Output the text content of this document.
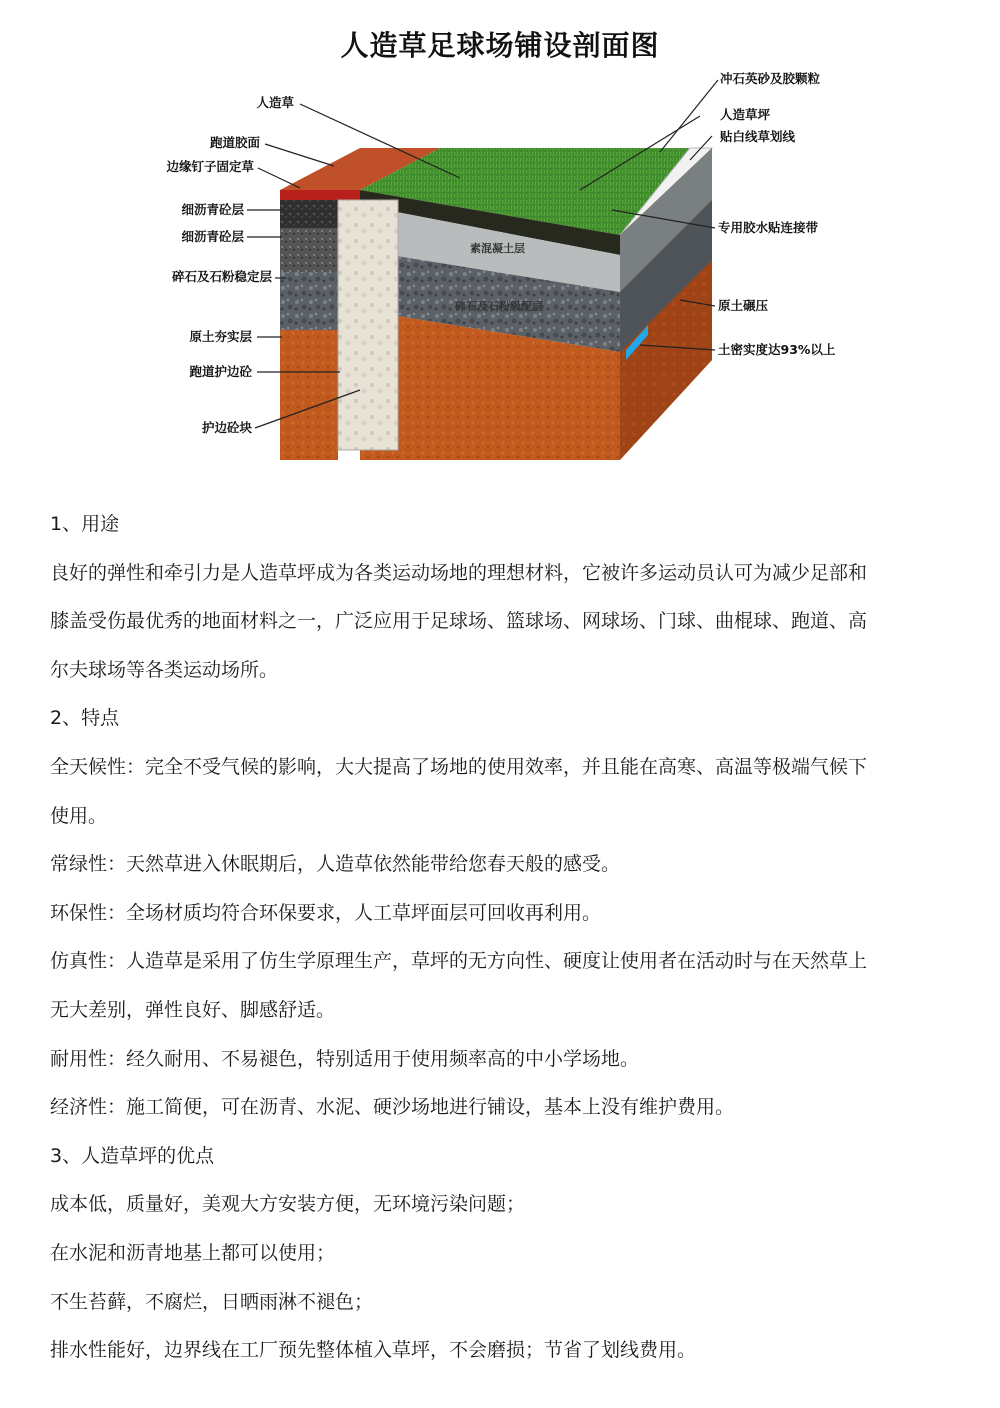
人造草足球场铺设剖面图
素混凝土层
碎石及石粉级配层
人造草
跑道胶面
边缘钉子固定草
细沥青砼层
细沥青砼层
碎石及石粉稳定层
原土夯实层
跑道护边砼
护边砼块
冲石英砂及胶颗粒
人造草坪
贴白线草划线
专用胶水贴连接带
原土碾压
土密实度达93%以上

1、用途

良好的弹性和牵引力是人造草坪成为各类运动场地的理想材料，它被许多运动员认可为减少足部和

膝盖受伤最优秀的地面材料之一，广泛应用于足球场、篮球场、网球场、门球、曲棍球、跑道、高

尔夫球场等各类运动场所。

2、特点

全天候性：完全不受气候的影响，大大提高了场地的使用效率，并且能在高寒、高温等极端气候下

使用。

常绿性：天然草进入休眠期后，人造草依然能带给您春天般的感受。

环保性：全场材质均符合环保要求，人工草坪面层可回收再利用。

仿真性：人造草是采用了仿生学原理生产，草坪的无方向性、硬度让使用者在活动时与在天然草上

无大差别，弹性良好、脚感舒适。

耐用性：经久耐用、不易褪色，特别适用于使用频率高的中小学场地。

经济性：施工简便，可在沥青、水泥、硬沙场地进行铺设，基本上没有维护费用。

3、人造草坪的优点

成本低，质量好，美观大方安装方便，无环境污染问题；

在水泥和沥青地基上都可以使用；

不生苔藓，不腐烂，日晒雨淋不褪色；

排水性能好，边界线在工厂预先整体植入草坪，不会磨损；节省了划线费用。
